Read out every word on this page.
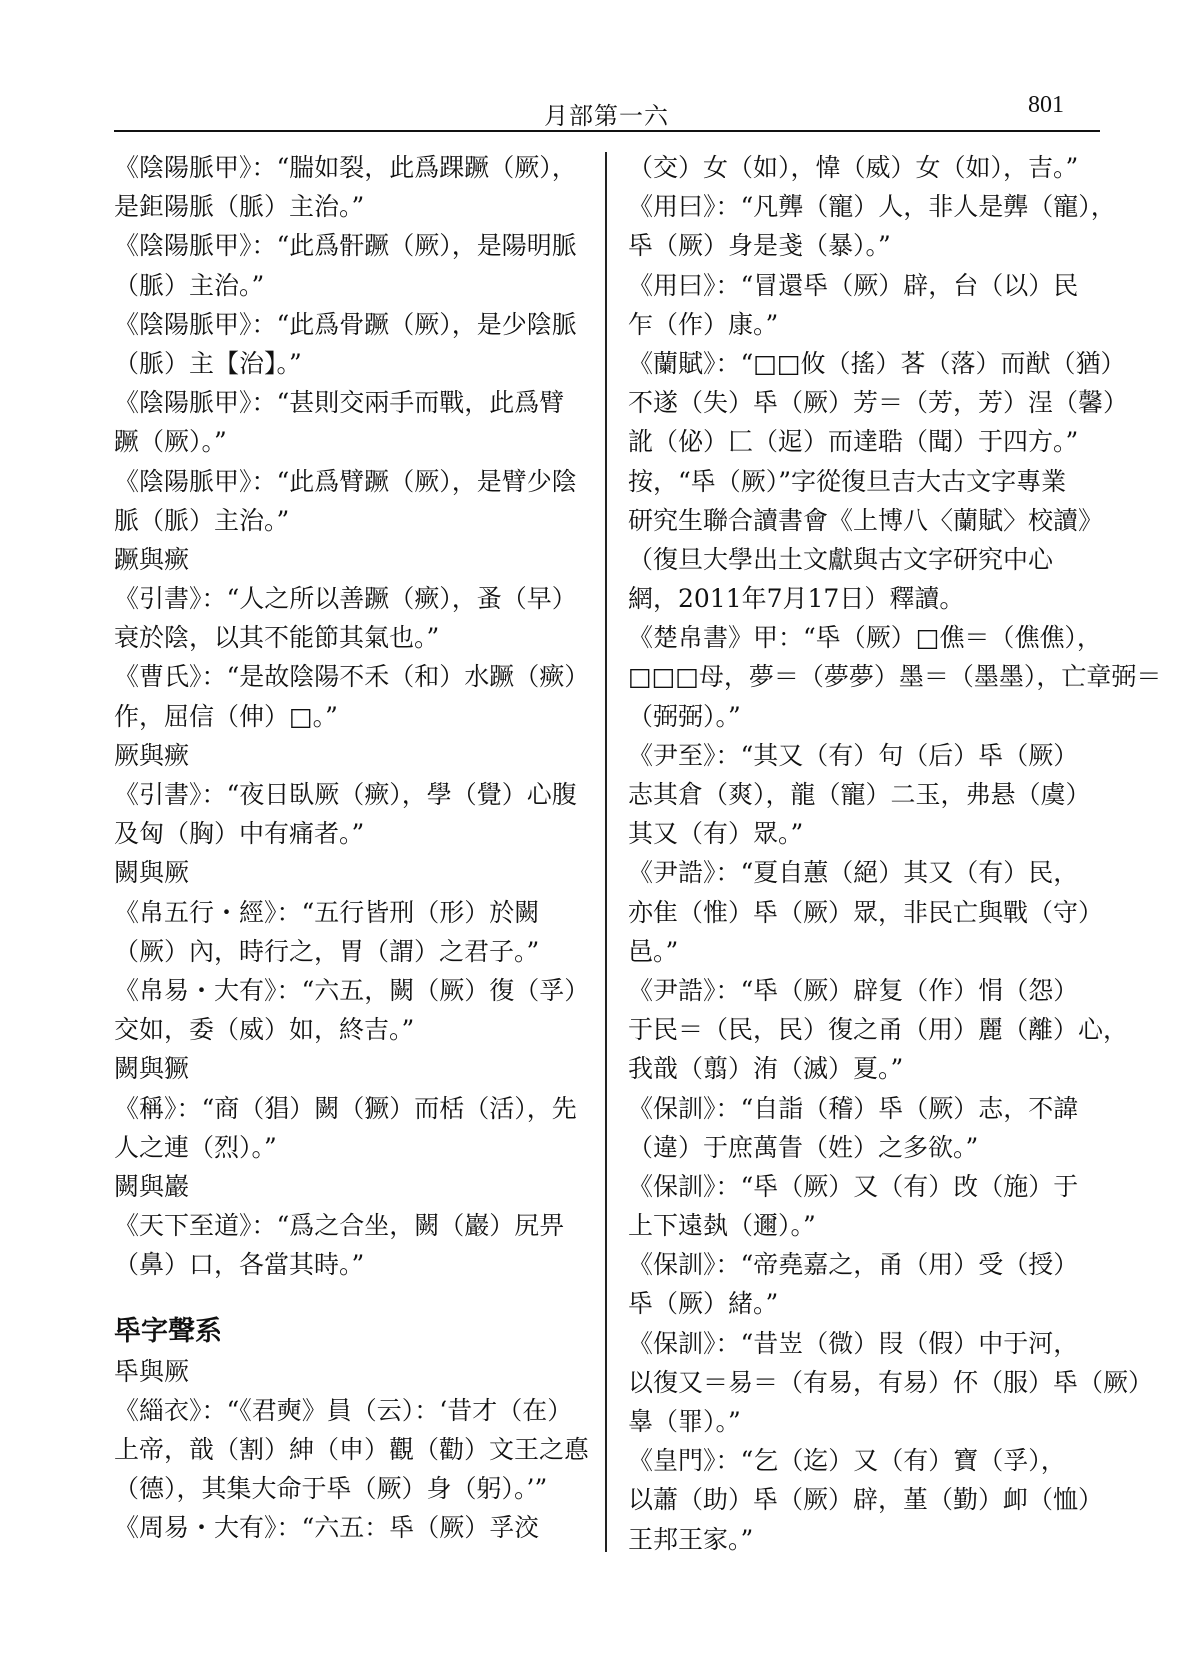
月部第一六	801
《陰陽脈甲》：“腨如裂，此爲踝蹶（厥），
是鉅陽脈（脈）主治。”
《陰陽脈甲》：“此爲骭蹶（厥），是陽明脈
（脈）主治。”
《陰陽脈甲》：“此爲骨蹶（厥），是少陰脈
（脈）主【治】。”
《陰陽脈甲》：“甚則交兩手而戰，此爲臂
蹶（厥）。”
《陰陽脈甲》：“此爲臂蹶（厥），是臂少陰
脈（脈）主治。”
蹶與瘚
《引書》：“人之所以善蹶（瘚），蚤（早）
衰於陰，以其不能節其氣也。”
《曹氏》：“是故陰陽不禾（和）水蹶（瘚）
作，屈信（伸）□。”
厥與瘚
《引書》：“夜日臥厥（瘚），學（覺）心腹
及匈（胸）中有痛者。”
闕與厥
《帛五行・經》：“五行皆刑（形）於闕
（厥）內，時行之，胃（謂）之君子。”
《帛易・大有》：“六五，闕（厥）復（孚）
交如，委（威）如，終吉。”
闕與獗
《稱》：“商（猖）闕（獗）而栝（活），先
人之連（烈）。”
闕與巖
《天下至道》：“爲之合坐，闕（巖）尻畀
（鼻）口，各當其時。”
氒字聲系
氒與厥
《緇衣》：“《君奭》員（云）：‘昔才（在）
上帝，戠（割）紳（申）觀（勸）文王之悳
（德），其集大命于氒（厥）身（躬）。’”
《周易・大有》：“六五：氒（厥）孚洨
（交）女（如），愇（威）女（如），吉。”
《用曰》：“凡龏（寵）人，非人是龏（寵），
氒（厥）身是戔（暴）。”
《用曰》：“冒還氒（厥）辟，台（以）民
乍（作）康。”
《蘭賦》：“□□攸（搖）茖（落）而猷（猶）
不遂（失）氒（厥）芳＝（芳，芳）浧（馨）
訛（佖）匚（迡）而達聕（聞）于四方。”
按，“氒（厥）”字從復旦吉大古文字專業
研究生聯合讀書會《上博八〈蘭賦〉校讀》
（復旦大學出土文獻與古文字研究中心
網，2011年7月17日）釋讀。
《楚帛書》甲：“氒（厥）□僬＝（僬僬），
□□□母，夢＝（夢夢）墨＝（墨墨），亡章弼＝
（弼弼）。”
《尹至》：“其又（有）句（后）氒（厥）
志其倉（爽），龍（寵）二玉，弗悬（虞）
其又（有）眾。”
《尹誥》：“夏自蕙（絕）其又（有）民，
亦隹（惟）氒（厥）眾，非民亡與戰（守）
邑。”
《尹誥》：“氒（厥）辟复（作）悁（怨）
于民＝（民，民）復之甬（用）麗（離）心，
我戠（翦）洧（滅）夏。”
《保訓》：“自詣（稽）氒（厥）志，不諱
（違）于庶萬眚（姓）之多欲。”
《保訓》：“氒（厥）又（有）攺（施）于
上下遠埶（邇）。”
《保訓》：“帝堯嘉之，甬（用）受（授）
氒（厥）緒。”
《保訓》：“昔岦（微）叚（假）中于河，
以復又＝易＝（有易，有易）伓（服）氒（厥）
辠（罪）。”
《皇門》：“乞（迄）又（有）寶（孚），
以蕭（助）氒（厥）辟，堇（勤）卹（恤）
王邦王家。”
